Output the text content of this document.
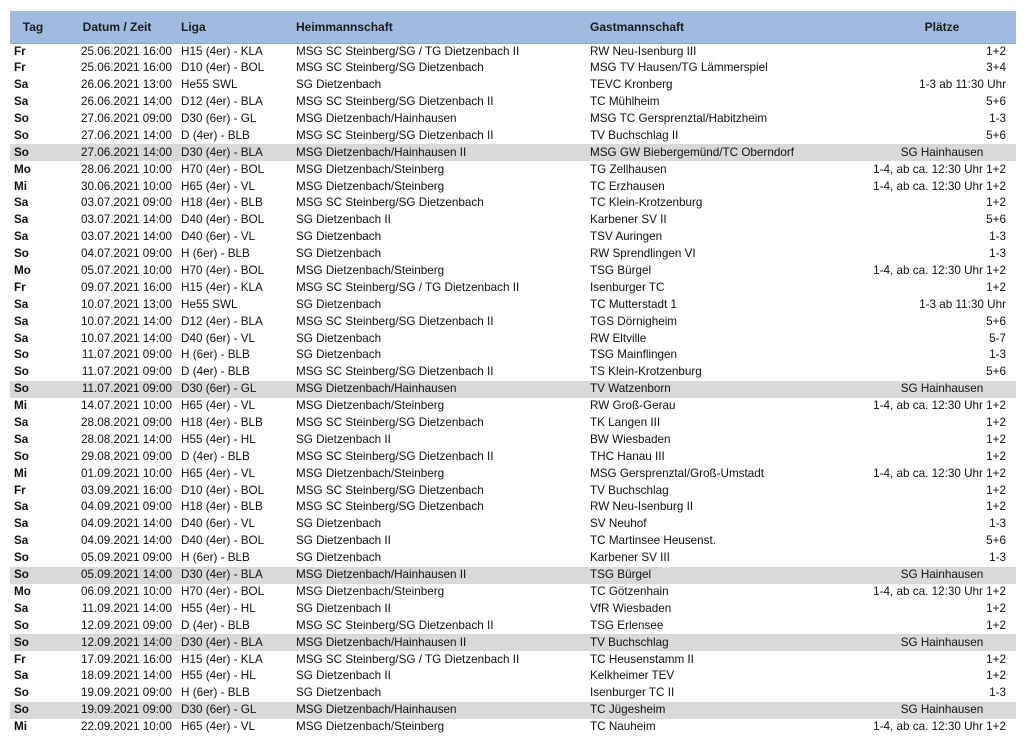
Tag	Datum / Zeit	Liga	Heimmannschaft	Gastmannschaft	Plätze
Fr	25.06.2021 16:00	H15 (4er) - KLA	MSG SC Steinberg/SG / TG Dietzenbach II	RW Neu-Isenburg III	1+2
Fr	25.06.2021 16:00	D10 (4er) - BOL	MSG SC Steinberg/SG Dietzenbach	MSG TV Hausen/TG Lämmerspiel	3+4
Sa	26.06.2021 13:00	He55 SWL	SG Dietzenbach	TEVC Kronberg	1-3 ab 11:30 Uhr
Sa	26.06.2021 14:00	D12 (4er) - BLA	MSG SC Steinberg/SG Dietzenbach II	TC Mühlheim	5+6
So	27.06.2021 09:00	D30 (6er) - GL	MSG Dietzenbach/Hainhausen	MSG TC Gersprenztal/Habitzheim	1-3
So	27.06.2021 14:00	D (4er) - BLB	MSG SC Steinberg/SG Dietzenbach II	TV Buchschlag II	5+6
So	27.06.2021 14:00	D30 (4er) - BLA	MSG Dietzenbach/Hainhausen II	MSG GW Biebergemünd/TC Oberndorf	SG Hainhausen
Mo	28.06.2021 10:00	H70 (4er) - BOL	MSG Dietzenbach/Steinberg	TG Zellhausen	1-4, ab ca. 12:30 Uhr 1+2
Mi	30.06.2021 10:00	H65 (4er) - VL	MSG Dietzenbach/Steinberg	TC Erzhausen	1-4, ab ca. 12:30 Uhr 1+2
Sa	03.07.2021 09:00	H18 (4er) - BLB	MSG SC Steinberg/SG Dietzenbach	TC Klein-Krotzenburg	1+2
Sa	03.07.2021 14:00	D40 (4er) - BOL	SG Dietzenbach II	Karbener SV II	5+6
Sa	03.07.2021 14:00	D40 (6er) - VL	SG Dietzenbach	TSV Auringen	1-3
So	04.07.2021 09:00	H (6er) - BLB	SG Dietzenbach	RW Sprendlingen VI	1-3
Mo	05.07.2021 10:00	H70 (4er) - BOL	MSG Dietzenbach/Steinberg	TSG Bürgel	1-4, ab ca. 12:30 Uhr 1+2
Fr	09.07.2021 16:00	H15 (4er) - KLA	MSG SC Steinberg/SG / TG Dietzenbach II	Isenburger TC	1+2
Sa	10.07.2021 13:00	He55 SWL	SG Dietzenbach	TC Mutterstadt 1	1-3 ab 11:30 Uhr
Sa	10.07.2021 14:00	D12 (4er) - BLA	MSG SC Steinberg/SG Dietzenbach II	TGS Dörnigheim	5+6
Sa	10.07.2021 14:00	D40 (6er) - VL	SG Dietzenbach	RW Eltville	5-7
So	11.07.2021 09:00	H (6er) - BLB	SG Dietzenbach	TSG Mainflingen	1-3
So	11.07.2021 09:00	D (4er) - BLB	MSG SC Steinberg/SG Dietzenbach II	TS Klein-Krotzenburg	5+6
So	11.07.2021 09:00	D30 (6er) - GL	MSG Dietzenbach/Hainhausen	TV Watzenborn	SG Hainhausen
Mi	14.07.2021 10:00	H65 (4er) - VL	MSG Dietzenbach/Steinberg	RW Groß-Gerau	1-4, ab ca. 12:30 Uhr 1+2
Sa	28.08.2021 09:00	H18 (4er) - BLB	MSG SC Steinberg/SG Dietzenbach	TK Langen III	1+2
Sa	28.08.2021 14:00	H55 (4er) - HL	SG Dietzenbach II	BW Wiesbaden	1+2
So	29.08.2021 09:00	D (4er) - BLB	MSG SC Steinberg/SG Dietzenbach II	THC Hanau III	1+2
Mi	01.09.2021 10:00	H65 (4er) - VL	MSG Dietzenbach/Steinberg	MSG Gersprenztal/Groß-Umstadt	1-4, ab ca. 12:30 Uhr 1+2
Fr	03.09.2021 16:00	D10 (4er) - BOL	MSG SC Steinberg/SG Dietzenbach	TV Buchschlag	1+2
Sa	04.09.2021 09:00	H18 (4er) - BLB	MSG SC Steinberg/SG Dietzenbach	RW Neu-Isenburg II	1+2
Sa	04.09.2021 14:00	D40 (6er) - VL	SG Dietzenbach	SV Neuhof	1-3
Sa	04.09.2021 14:00	D40 (4er) - BOL	SG Dietzenbach II	TC Martinsee Heusenst.	5+6
So	05.09.2021 09:00	H (6er) - BLB	SG Dietzenbach	Karbener SV III	1-3
So	05.09.2021 14:00	D30 (4er) - BLA	MSG Dietzenbach/Hainhausen II	TSG Bürgel	SG Hainhausen
Mo	06.09.2021 10:00	H70 (4er) - BOL	MSG Dietzenbach/Steinberg	TC Götzenhain	1-4, ab ca. 12:30 Uhr 1+2
Sa	11.09.2021 14:00	H55 (4er) - HL	SG Dietzenbach II	VfR Wiesbaden	1+2
So	12.09.2021 09:00	D (4er) - BLB	MSG SC Steinberg/SG Dietzenbach II	TSG Erlensee	1+2
So	12.09.2021 14:00	D30 (4er) - BLA	MSG Dietzenbach/Hainhausen II	TV Buchschlag	SG Hainhausen
Fr	17.09.2021 16:00	H15 (4er) - KLA	MSG SC Steinberg/SG / TG Dietzenbach II	TC Heusenstamm II	1+2
Sa	18.09.2021 14:00	H55 (4er) - HL	SG Dietzenbach II	Kelkheimer TEV	1+2
So	19.09.2021 09:00	H (6er) - BLB	SG Dietzenbach	Isenburger TC II	1-3
So	19.09.2021 09:00	D30 (6er) - GL	MSG Dietzenbach/Hainhausen	TC Jügesheim	SG Hainhausen
Mi	22.09.2021 10:00	H65 (4er) - VL	MSG Dietzenbach/Steinberg	TC Nauheim	1-4, ab ca. 12:30 Uhr 1+2
